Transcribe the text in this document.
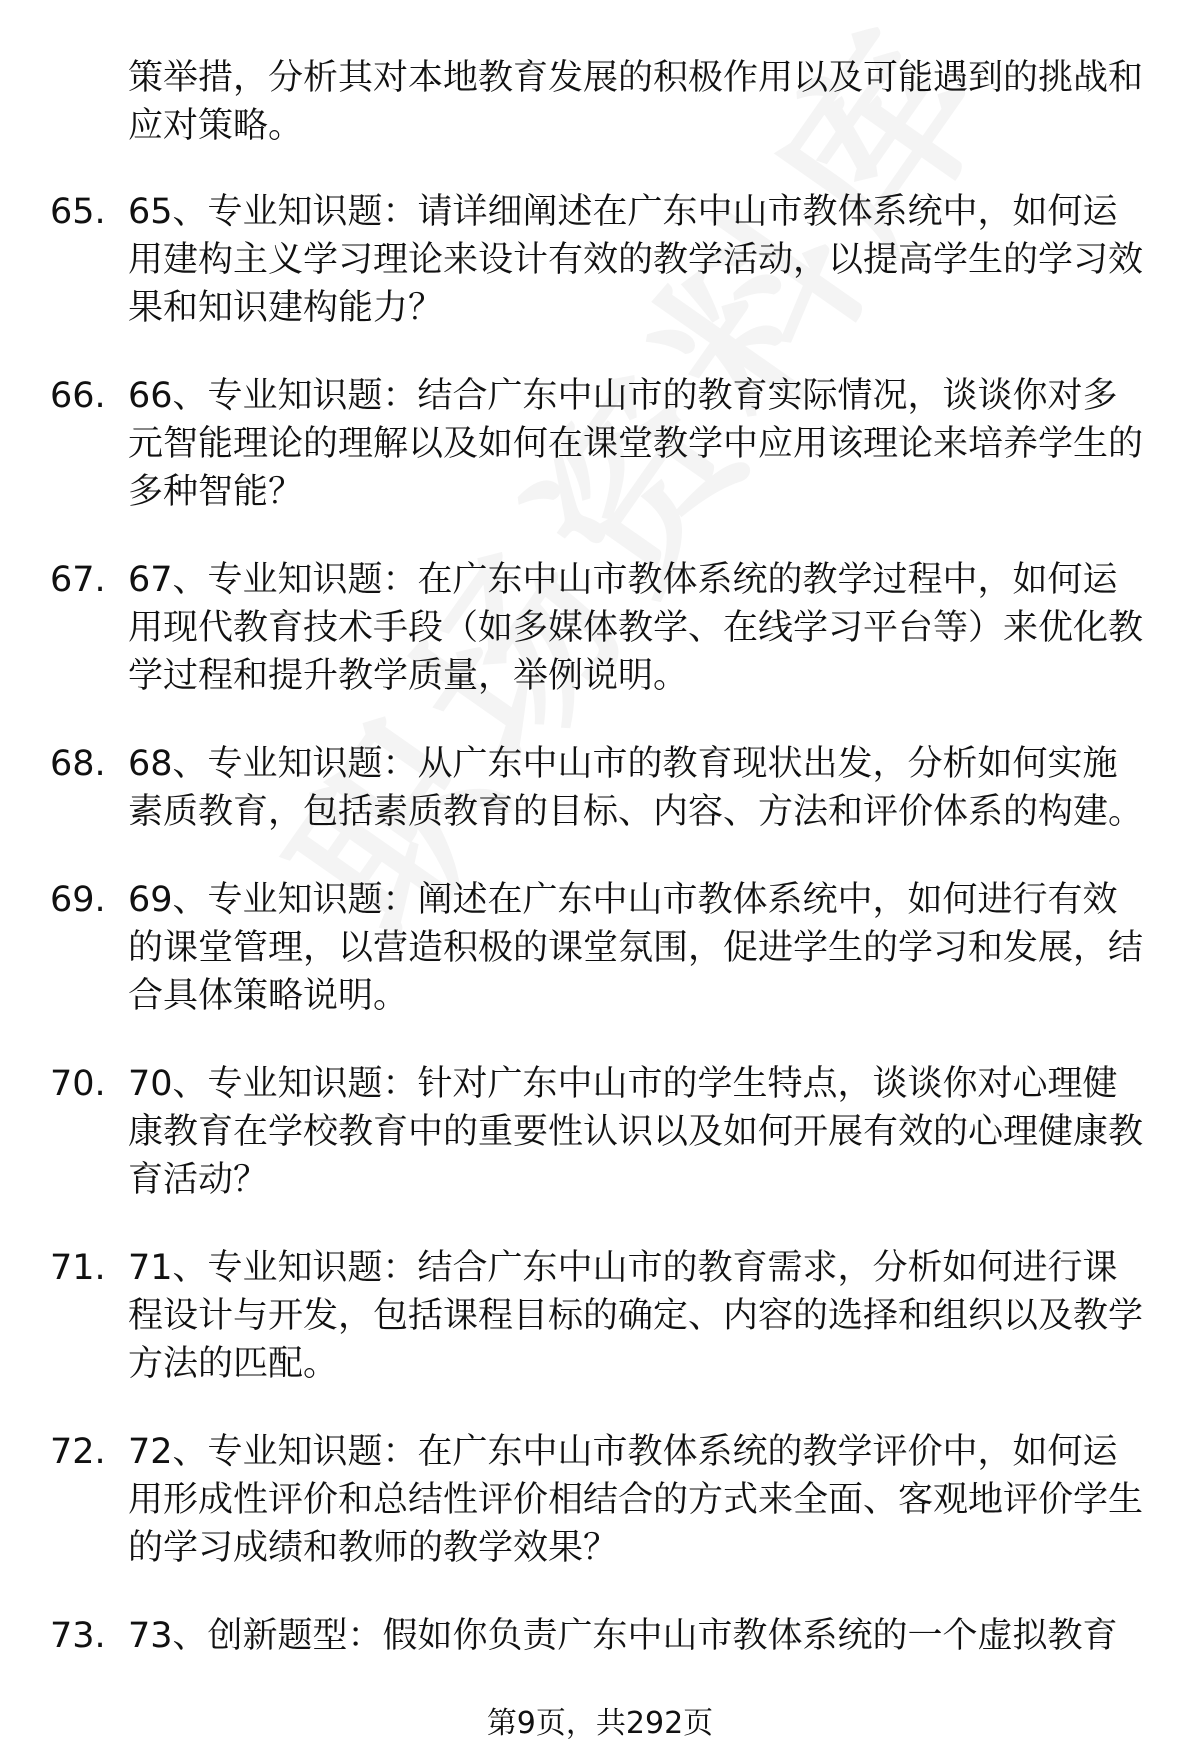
策举措，分析其对本地教育发展的积极作用以及可能遇到的挑战和应对策略。
65. 65、专业知识题：请详细阐述在广东中山市教体系统中，如何运用建构主义学习理论来设计有效的教学活动，以提高学生的学习效果和知识建构能力？
66. 66、专业知识题：结合广东中山市的教育实际情况，谈谈你对多元智能理论的理解以及如何在课堂教学中应用该理论来培养学生的多种智能？
67. 67、专业知识题：在广东中山市教体系统的教学过程中，如何运用现代教育技术手段（如多媒体教学、在线学习平台等）来优化教学过程和提升教学质量，举例说明。
68. 68、专业知识题：从广东中山市的教育现状出发，分析如何实施素质教育，包括素质教育的目标、内容、方法和评价体系的构建。
69. 69、专业知识题：阐述在广东中山市教体系统中，如何进行有效的课堂管理，以营造积极的课堂氛围，促进学生的学习和发展，结合具体策略说明。
70. 70、专业知识题：针对广东中山市的学生特点，谈谈你对心理健康教育在学校教育中的重要性认识以及如何开展有效的心理健康教育活动？
71. 71、专业知识题：结合广东中山市的教育需求，分析如何进行课程设计与开发，包括课程目标的确定、内容的选择和组织以及教学方法的匹配。
72. 72、专业知识题：在广东中山市教体系统的教学评价中，如何运用形成性评价和总结性评价相结合的方式来全面、客观地评价学生的学习成绩和教师的教学效果？
73. 73、创新题型：假如你负责广东中山市教体系统的一个虚拟教育
第9页，共292页
